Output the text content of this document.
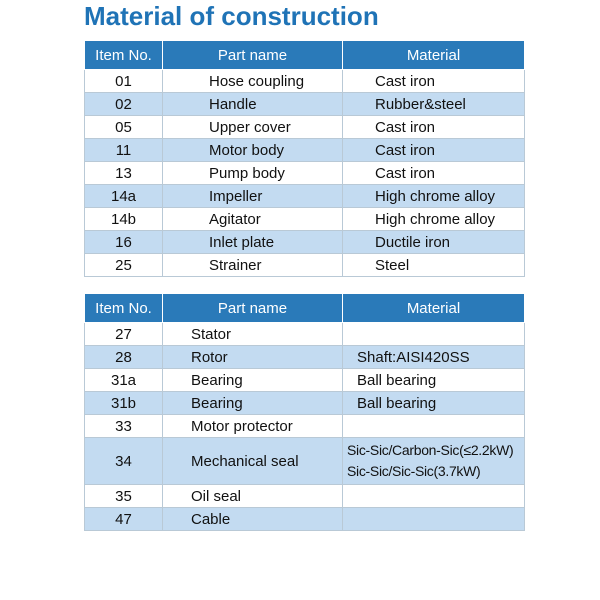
Material of construction
Item No.	Part name	Material
01	Hose coupling	Cast iron
02	Handle	Rubber&steel
05	Upper cover	Cast iron
11	Motor body	Cast iron
13	Pump body	Cast iron
14a	Impeller	High chrome alloy
14b	Agitator	High chrome alloy
16	Inlet plate	Ductile iron
25	Strainer	Steel
Item No.	Part name	Material
27	Stator	
28	Rotor	Shaft:AISI420SS
31a	Bearing	Ball bearing
31b	Bearing	Ball bearing
33	Motor protector	
34	Mechanical seal	Sic-Sic/Carbon-Sic(≤2.2kW)
Sic-Sic/Sic-Sic(3.7kW)

35	Oil seal	
47	Cable	
